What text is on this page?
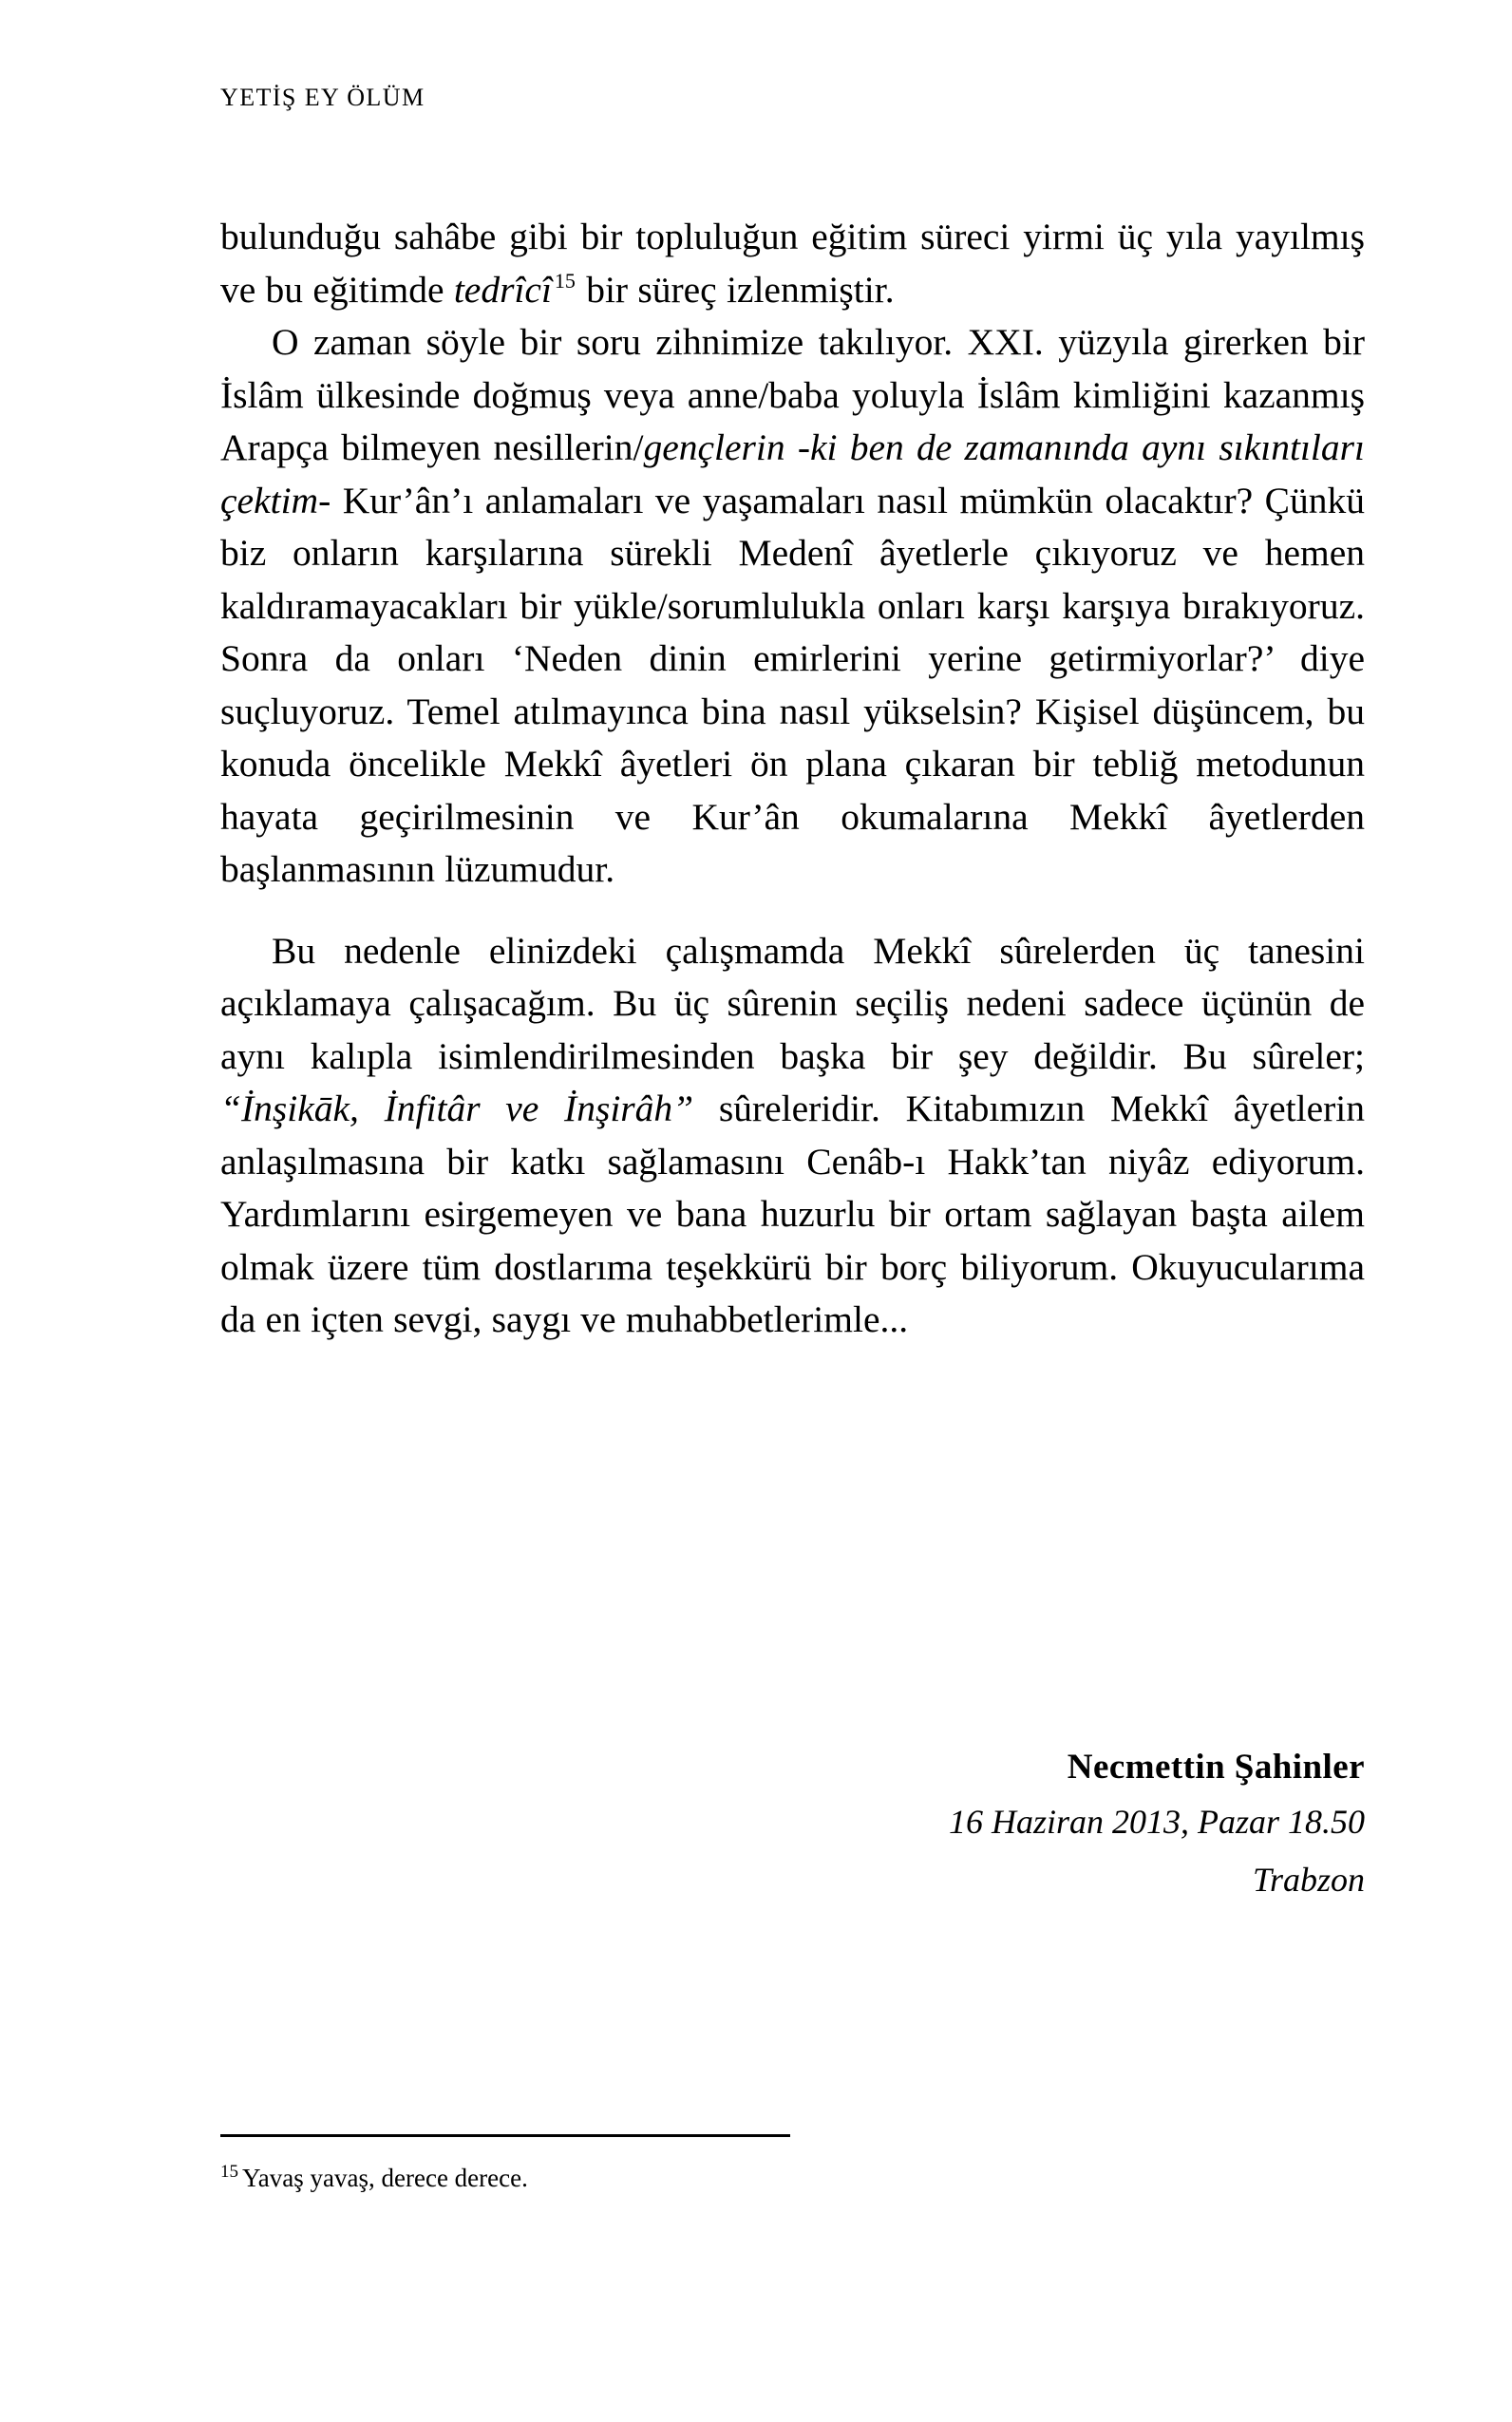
YETİŞ EY ÖLÜM

bulunduğu sahâbe gibi bir topluluğun eğitim süreci yirmi üç yıla yayılmış ve bu eğitimde tedrîcî $^{15}$ bir süreç izlenmiştir.

O zaman söyle bir soru zihnimize takılıyor. XXI. yüzyıla girerken bir İslâm ülkesinde doğmuş veya anne/baba yoluyla İslâm kimliğini kazanmış Arapça bilmeyen nesillerin/gençlerin -ki ben de zamanında aynı sıkıntıları çektim- Kur’ân’ı anlamaları ve yaşamaları nasıl mümkün olacaktır? Çünkü biz onların karşılarına sürekli Medenî âyetlerle çıkıyoruz ve hemen kaldıramayacakları bir yükle/sorumlulukla onları karşı karşıya bırakıyoruz. Sonra da onları ‘Neden dinin emirlerini yerine getirmiyorlar?’ diye suçluyoruz. Temel atılmayınca bina nasıl yükselsin? Kişisel düşüncem, bu konuda öncelikle Mekkî âyetleri ön plana çıkaran bir tebliğ metodunun hayata geçirilmesinin ve Kur’ân okumalarına Mekkî âyetlerden başlanmasının lüzumudur.

Bu nedenle elinizdeki çalışmamda Mekkî sûrelerden üç tanesini açıklamaya çalışacağım. Bu üç sûrenin seçiliş nedeni sadece üçünün de aynı kalıpla isimlendirilmesinden başka bir şey değildir. Bu sûreler; “İnşikāk, İnfitâr ve İnşirâh” sûreleridir. Kitabımızın Mekkî âyetlerin anlaşılmasına bir katkı sağlamasını Cenâb-ı Hakk’tan niyâz ediyorum. Yardımlarını esirgemeyen ve bana huzurlu bir ortam sağlayan başta ailem olmak üzere tüm dostlarıma teşekkürü bir borç biliyorum. Okuyucularıma da en içten sevgi, saygı ve muhabbetlerimle...

Necmettin Şahinler
16 Haziran 2013, Pazar 18.50
Trabzon
$^{15}$ Yavaş yavaş, derece derece.
